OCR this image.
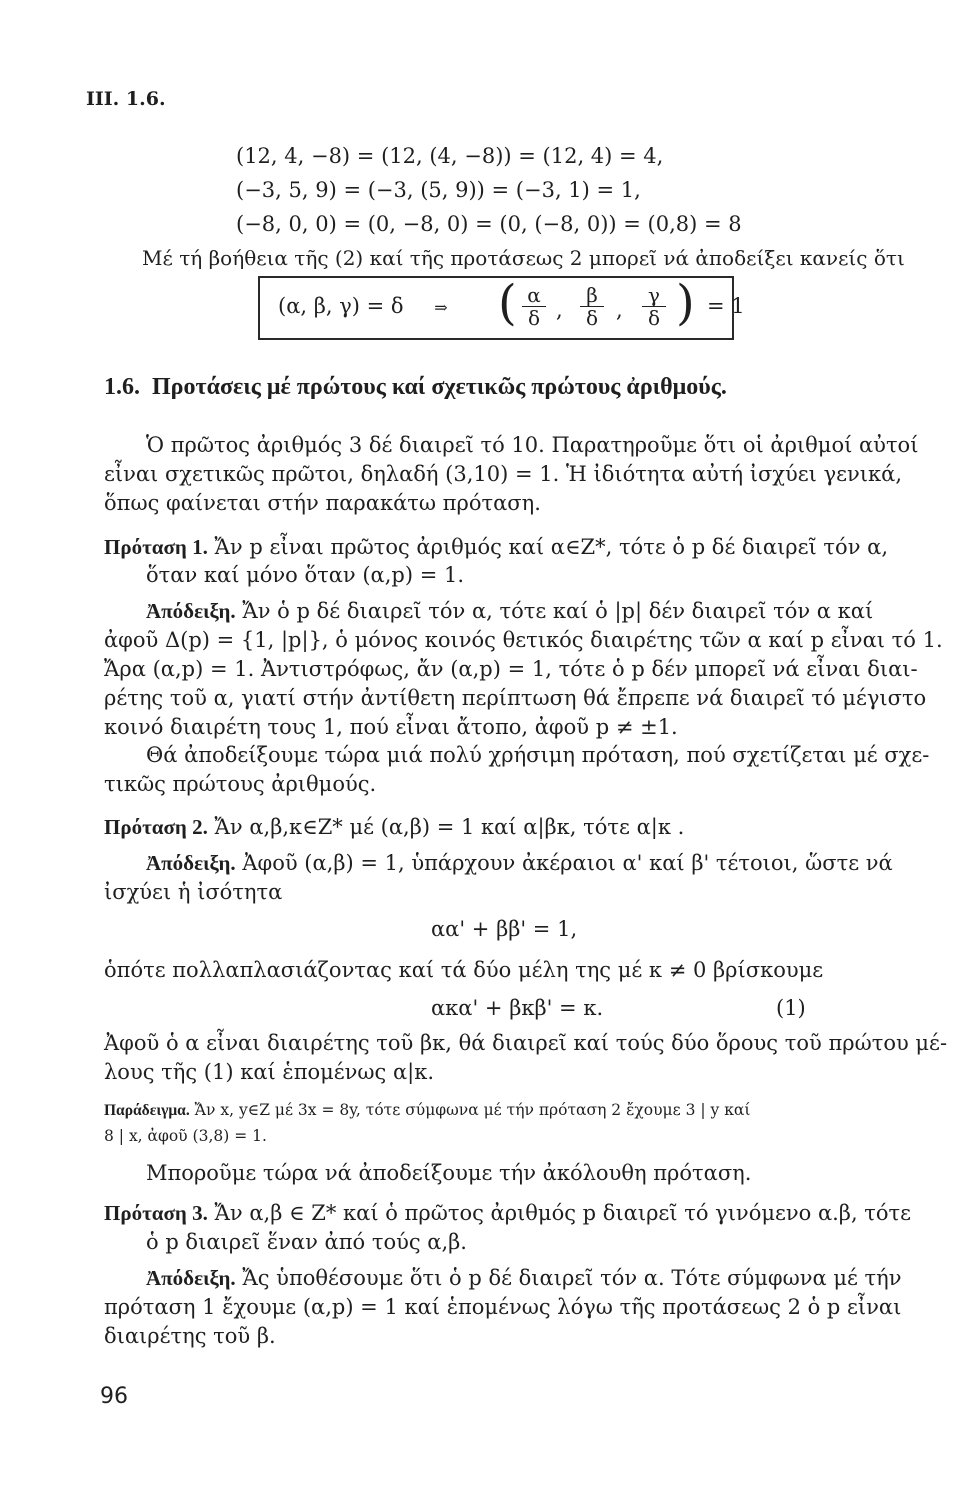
III. 1.6.
(12, 4, −8) = (12, (4, −8)) = (12, 4) = 4,
(−3, 5, 9) = (−3, (5, 9)) = (−3, 1) = 1,
(−8, 0, 0) = (0, −8, 0) = (0, (−8, 0)) = (0,8) = 8
Μέ τή βοήθεια τῆς (2) καί τῆς προτάσεως 2 μπορεῖ νά ἀποδείξει κανείς ὅτι
(α, β, γ) = δ ⇒ ( α
δ ,
β
δ ,
γ
δ ) = 1
1.6. Προτάσεις μέ πρώτους καί σχετικῶς πρώτους ἀριθμούς.
Ὁ πρῶτος ἀριθμός 3 δέ διαιρεῖ τό 10. Παρατηροῦμε ὅτι οἱ ἀριθμοί αὐτοί
εἶναι σχετικῶς πρῶτοι, δηλαδή (3,10) = 1. Ἡ ἰδιότητα αὐτή ἰσχύει γενικά,
ὅπως φαίνεται στήν παρακάτω πρόταση.
Πρόταση 1. Ἄν p εἶναι πρῶτος ἀριθμός καί α∈Z*, τότε ὁ p δέ διαιρεῖ τόν α,
ὅταν καί μόνο ὅταν (α,p) = 1.
Ἀπόδειξη. Ἄν ὁ p δέ διαιρεῖ τόν α, τότε καί ὁ |p| δέν διαιρεῖ τόν α καί
ἀφοῦ Δ(p) = {1, |p|}, ὁ μόνος κοινός θετικός διαιρέτης τῶν α καί p εἶναι τό 1.
Ἄρα (α,p) = 1. Ἀντιστρόφως, ἄν (α,p) = 1, τότε ὁ p δέν μπορεῖ νά εἶναι διαι-
ρέτης τοῦ α, γιατί στήν ἀντίθετη περίπτωση θά ἔπρεπε νά διαιρεῖ τό μέγιστο
κοινό διαιρέτη τους 1, πού εἶναι ἄτοπο, ἀφοῦ p ≠ ±1.
Θά ἀποδείξουμε τώρα μιά πολύ χρήσιμη πρόταση, πού σχετίζεται μέ σχε-
τικῶς πρώτους ἀριθμούς.
Πρόταση 2. Ἄν α,β,κ∈Z* μέ (α,β) = 1 καί α|βκ, τότε α|κ .
Ἀπόδειξη. Ἀφοῦ (α,β) = 1, ὑπάρχουν ἀκέραιοι α' καί β' τέτοιοι, ὥστε νά
ἰσχύει ἡ ἰσότητα
αα' + ββ' = 1,
ὁπότε πολλαπλασιάζοντας καί τά δύο μέλη της μέ κ ≠ 0 βρίσκουμε
ακα' + βκβ' = κ.	(1)
Ἀφοῦ ὁ α εἶναι διαιρέτης τοῦ βκ, θά διαιρεῖ καί τούς δύο ὅρους τοῦ πρώτου μέ-
λους τῆς (1) καί ἑπομένως α|κ.
Παράδειγμα. Ἄν x, y∈Z μέ 3x = 8y, τότε σύμφωνα μέ τήν πρόταση 2 ἔχουμε 3 | y καί
8 | x, ἀφοῦ (3,8) = 1.
Μπορoῦμε τώρα νά ἀποδείξουμε τήν ἀκόλουθη πρόταση.
Πρόταση 3. Ἄν α,β ∈ Z* καί ὁ πρῶτος ἀριθμός p διαιρεῖ τό γινόμενο α.β, τότε
ὁ p διαιρεῖ ἕναν ἀπό τούς α,β.
Ἀπόδειξη. Ἄς ὑποθέσουμε ὅτι ὁ p δέ διαιρεῖ τόν α. Τότε σύμφωνα μέ τήν
πρόταση 1 ἔχουμε (α,p) = 1 καί ἑπομένως λόγω τῆς προτάσεως 2 ὁ p εἶναι
διαιρέτης τοῦ β.
96
